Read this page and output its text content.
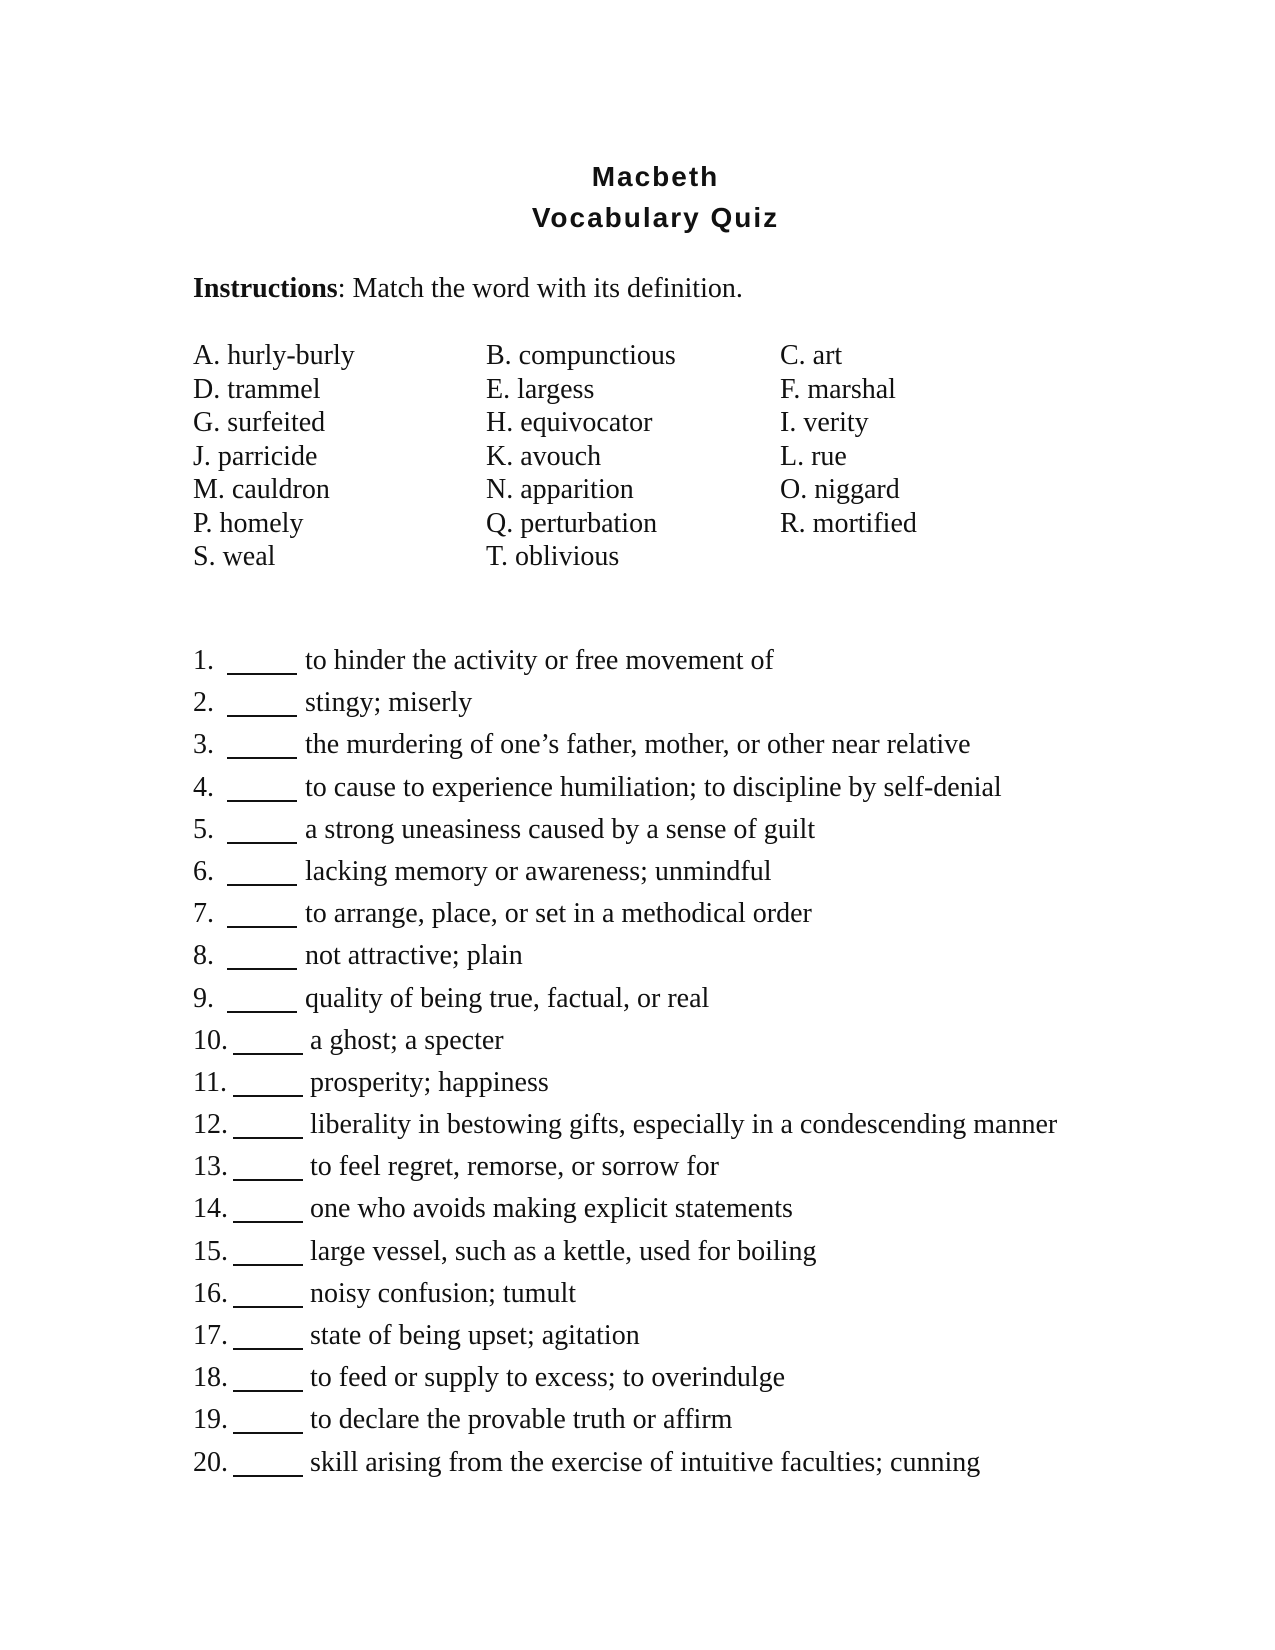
Macbeth
Vocabulary Quiz
Instructions: Match the word with its definition.
A. hurly-burly	B. compunctious	C. art
D. trammel	E. largess	F. marshal
G. surfeited	H. equivocator	I. verity
J. parricide	K. avouch	L. rue
M. cauldron	N. apparition	O. niggard
P. homely	Q. perturbation	R. mortified
S. weal	T. oblivious
1.	to hinder the activity or free movement of
2.	stingy; miserly
3.	the murdering of one’s father, mother, or other near relative
4.	to cause to experience humiliation; to discipline by self-denial
5.	a strong uneasiness caused by a sense of guilt
6.	lacking memory or awareness; unmindful
7.	to arrange, place, or set in a methodical order
8.	not attractive; plain
9.	quality of being true, factual, or real
10.	a ghost; a specter
11.	prosperity; happiness
12.	liberality in bestowing gifts, especially in a condescending manner
13.	to feel regret, remorse, or sorrow for
14.	one who avoids making explicit statements
15.	large vessel, such as a kettle, used for boiling
16.	noisy confusion; tumult
17.	state of being upset; agitation
18.	to feed or supply to excess; to overindulge
19.	to declare the provable truth or affirm
20.	skill arising from the exercise of intuitive faculties; cunning
